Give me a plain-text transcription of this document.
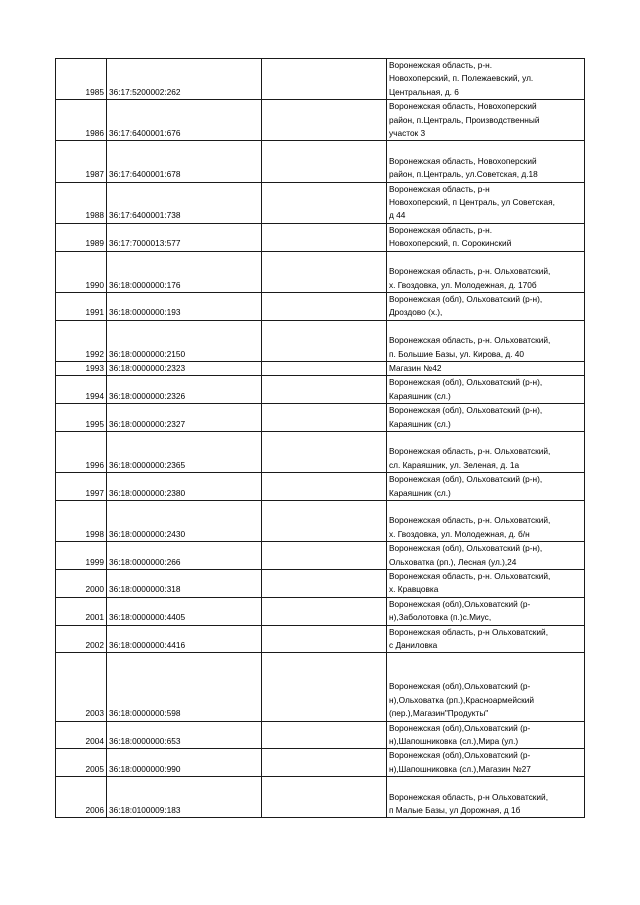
1985	36:17:5200002:262		Воронежская область, р-н.
Новохоперский, п. Полежаевский, ул.
Центральная, д. 6

1986	36:17:6400001:676		Воронежская область, Новохоперский
район, п.Централь, Производственный
участок 3

1987	36:17:6400001:678		Воронежская область, Новохоперский
район, п.Централь, ул.Советская, д.18

1988	36:17:6400001:738		Воронежская область, р-н
Новохоперский, п Централь, ул Советская,
д 44

1989	36:17:7000013:577		Воронежская область, р-н.
Новохоперский, п. Сорокинский

1990	36:18:0000000:176		Воронежская область, р-н. Ольховатский,
х. Гвоздовка, ул. Молодежная, д. 170б

1991	36:18:0000000:193		Воронежская (обл), Ольховатский (р-н),
Дроздово (х.),

1992	36:18:0000000:2150		Воронежская область, р-н. Ольховатский,
п. Большие Базы, ул. Кирова, д. 40

1993	36:18:0000000:2323		Магазин №42

1994	36:18:0000000:2326		Воронежская (обл), Ольховатский (р-н),
Караяшник (сл.)

1995	36:18:0000000:2327		Воронежская (обл), Ольховатский (р-н),
Караяшник (сл.)

1996	36:18:0000000:2365		Воронежская область, р-н. Ольховатский,
сл. Караяшник, ул. Зеленая, д. 1а

1997	36:18:0000000:2380		Воронежская (обл), Ольховатский (р-н),
Караяшник (сл.)

1998	36:18:0000000:2430		Воронежская область, р-н. Ольховатский,
х. Гвоздовка, ул. Молодежная, д. б/н

1999	36:18:0000000:266		Воронежская (обл), Ольховатский (р-н),
Ольховатка (рп.), Лесная (ул.),24

2000	36:18:0000000:318		Воронежская область, р-н. Ольховатский,
х. Кравцовка

2001	36:18:0000000:4405		Воронежская (обл),Ольховатский (р-
н),Заболотовка (п.)с.Миус,

2002	36:18:0000000:4416		Воронежская область, р-н Ольховатский,
с Даниловка

2003	36:18:0000000:598		Воронежская (обл),Ольховатский (р-
н),Ольховатка (рп.),Красноармейский
(пер.),Магазин"Продукты"

2004	36:18:0000000:653		Воронежская (обл),Ольховатский (р-
н),Шапошниковка (сл.),Мира (ул.)

2005	36:18:0000000:990		Воронежская (обл),Ольховатский (р-
н),Шапошниковка (сл.),Магазин №27

2006	36:18:0100009:183		Воронежская область, р-н Ольховатский,
п Малые Базы, ул Дорожная, д 1б
